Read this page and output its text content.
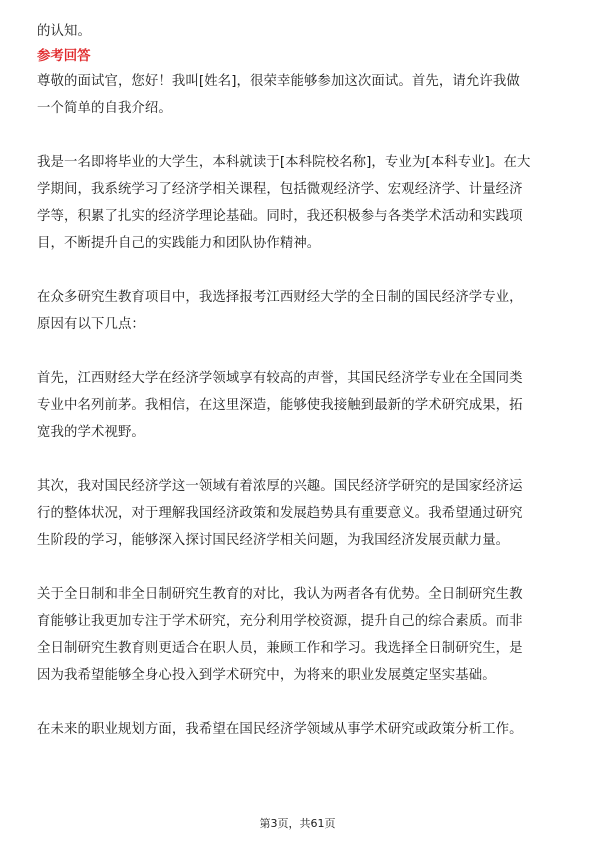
的认知。
参考回答
尊敬的面试官，您好！我叫[姓名]，很荣幸能够参加这次面试。首先，请允许我做
一个简单的自我介绍。
我是一名即将毕业的大学生，本科就读于[本科院校名称]，专业为[本科专业]。在大
学期间，我系统学习了经济学相关课程，包括微观经济学、宏观经济学、计量经济
学等，积累了扎实的经济学理论基础。同时，我还积极参与各类学术活动和实践项
目，不断提升自己的实践能力和团队协作精神。
在众多研究生教育项目中，我选择报考江西财经大学的全日制的国民经济学专业，
原因有以下几点：
首先，江西财经大学在经济学领域享有较高的声誉，其国民经济学专业在全国同类
专业中名列前茅。我相信，在这里深造，能够使我接触到最新的学术研究成果，拓
宽我的学术视野。
其次，我对国民经济学这一领域有着浓厚的兴趣。国民经济学研究的是国家经济运
行的整体状况，对于理解我国经济政策和发展趋势具有重要意义。我希望通过研究
生阶段的学习，能够深入探讨国民经济学相关问题，为我国经济发展贡献力量。
关于全日制和非全日制研究生教育的对比，我认为两者各有优势。全日制研究生教
育能够让我更加专注于学术研究，充分利用学校资源，提升自己的综合素质。而非
全日制研究生教育则更适合在职人员，兼顾工作和学习。我选择全日制研究生，是
因为我希望能够全身心投入到学术研究中，为将来的职业发展奠定坚实基础。
在未来的职业规划方面，我希望在国民经济学领域从事学术研究或政策分析工作。
第3页，共61页
